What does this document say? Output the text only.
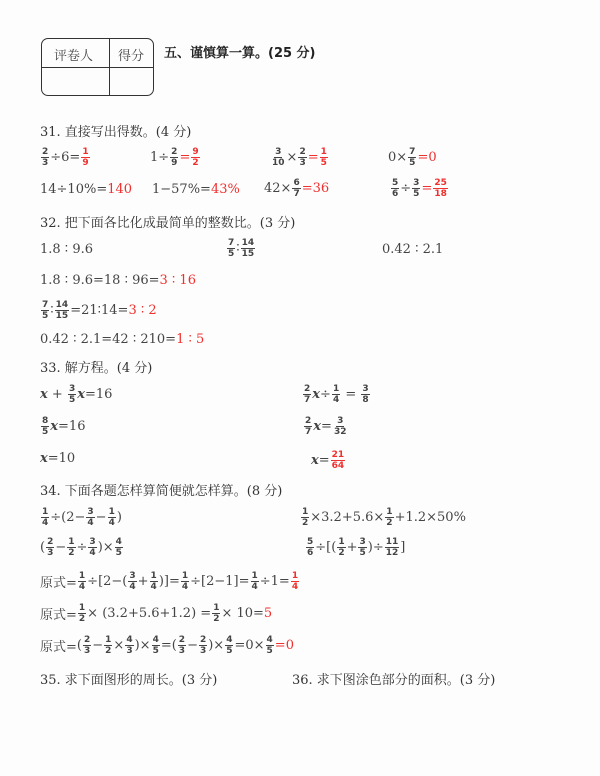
评卷人 得分 五、谨慎算一算。(25 分)
31. 直接写出得数。(4 分)
$\frac{2}{3} \div 6= \frac{1}{9}$	$1\div \frac{2}{9} = \frac{9}{2}$	$\frac{3}{10} \times \frac{2}{3} = \frac{1}{5}$	$0\times \frac{7}{5} =0$
14÷10%= 140 1−57%= 43% $42\times \frac{6}{7} =36$	$\frac{5}{6} \div \frac{3}{5} = \frac{25}{18}$
32. 把下面各比化成最简单的整数比。(3 分)
1.8 ∶ 9.6	$\frac{7}{5}$ ∶ $\frac{14}{15}$	0.42 ∶ 2.1
1.8 ∶ 9.6=18 ∶ 96= 3 ∶ 16
$\frac{7}{5}$ ∶ $\frac{14}{15}$ =21∶14= 3 ∶ 2
0.42 ∶ 2.1=42 ∶ 210= 1 ∶ 5
33. 解方程。(4 分)
$x + \frac{3}{5}$ x =16
$\frac{8}{5}$ x =16
x =10
$\frac{2}{7}$ $x \div \frac{1}{4} = \frac{3}{8}$
$\frac{2}{7}$ $x = \frac{3}{32}$
$x = \frac{21}{64}$
34. 下面各题怎样算简便就怎样算。(8 分)
$\frac{1}{4} \div(2- \frac{3}{4} - \frac{1}{4}$ )	$\frac{1}{2} \times 3.2+5.6\times \frac{1}{2} +1.2\times 50\%$
( $\frac{2}{3} - \frac{1}{2} \div \frac{3}{4}$ )× $\frac{4}{5}$	$\frac{5}{6}$ ÷[( $\frac{1}{2} + \frac{3}{5}$ )÷ $\frac{11}{12}$ ]
原式= $\frac{1}{4} \div[2-( \frac{3}{4} + \frac{1}{4}$ )]= $\frac{1}{4} \div[2-1]= \frac{1}{4} \div 1= \frac{1}{4}$
原式= $\frac{1}{2} \times (3.2+5.6+1.2) = \frac{1}{2} \times 10= 5$
原式= ( $\frac{2}{3} - \frac{1}{2} \times \frac{4}{3}$ )× $\frac{4}{5}$ =( $\frac{2}{3} - \frac{2}{3}$ )× $\frac{4}{5} =0\times \frac{4}{5} = 0$
35. 求下面图形的周长。(3 分)	36. 求下图涂色部分的面积。(3 分)
